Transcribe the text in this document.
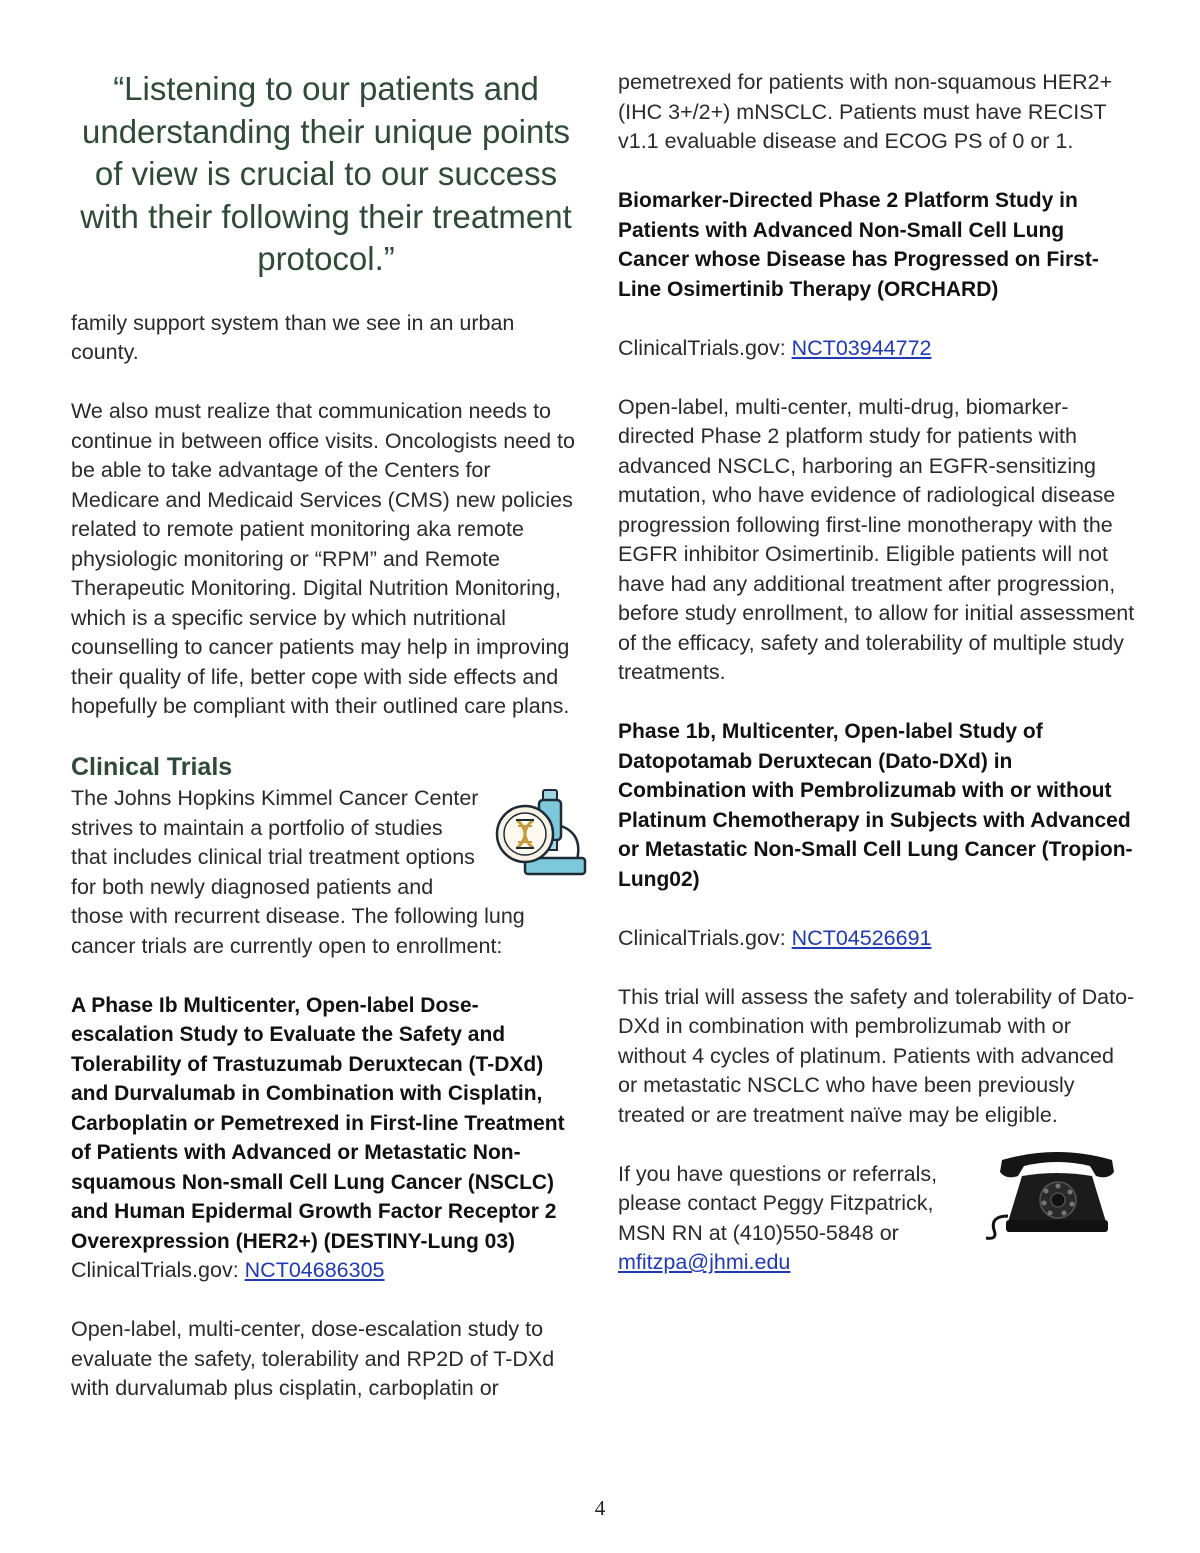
“Listening to our patients and understanding their unique points of view is crucial to our success with their following their treatment protocol.”

family support system than we see in an urban county.

We also must realize that communication needs to continue in between office visits. Oncologists need to be able to take advantage of the Centers for Medicare and Medicaid Services (CMS) new policies related to remote patient monitoring aka remote physiologic monitoring or “RPM” and Remote Therapeutic Monitoring. Digital Nutrition Monitoring, which is a specific service by which nutritional counselling to cancer patients may help in improving their quality of life, better cope with side effects and hopefully be compliant with their outlined care plans.

Clinical Trials

The Johns Hopkins Kimmel Cancer Center strives to maintain a portfolio of studies that includes clinical trial treatment options for both newly diagnosed patients and those with recurrent disease. The following lung cancer trials are currently open to enrollment:

A Phase Ib Multicenter, Open-label Dose-escalation Study to Evaluate the Safety and Tolerability of Trastuzumab Deruxtecan (T-DXd) and Durvalumab in Combination with Cisplatin, Carboplatin or Pemetrexed in First-line Treatment of Patients with Advanced or Metastatic Non-squamous Non-small Cell Lung Cancer (NSCLC) and Human Epidermal Growth Factor Receptor 2 Overexpression (HER2+) (DESTINY-Lung 03)

ClinicalTrials.gov: NCT04686305

Open-label, multi-center, dose-escalation study to evaluate the safety, tolerability and RP2D of T-DXd with durvalumab plus cisplatin, carboplatin or

pemetrexed for patients with non-squamous HER2+ (IHC 3+/2+) mNSCLC. Patients must have RECIST v1.1 evaluable disease and ECOG PS of 0 or 1.

Biomarker-Directed Phase 2 Platform Study in Patients with Advanced Non-Small Cell Lung Cancer whose Disease has Progressed on First-Line Osimertinib Therapy (ORCHARD)

ClinicalTrials.gov: NCT03944772

Open-label, multi-center, multi-drug, biomarker-directed Phase 2 platform study for patients with advanced NSCLC, harboring an EGFR-sensitizing mutation, who have evidence of radiological disease progression following first-line monotherapy with the EGFR inhibitor Osimertinib. Eligible patients will not have had any additional treatment after progression, before study enrollment, to allow for initial assessment of the efficacy, safety and tolerability of multiple study treatments.

Phase 1b, Multicenter, Open-label Study of Datopotamab Deruxtecan (Dato-DXd) in Combination with Pembrolizumab with or without Platinum Chemotherapy in Subjects with Advanced or Metastatic Non-Small Cell Lung Cancer (Tropion-Lung02)

ClinicalTrials.gov: NCT04526691

This trial will assess the safety and tolerability of Dato-DXd in combination with pembrolizumab with or without 4 cycles of platinum. Patients with advanced or metastatic NSCLC who have been previously treated or are treatment naïve may be eligible.

If you have questions or referrals,

please contact Peggy Fitzpatrick,

MSN RN at (410)550-5848 or

mfitzpa@jhmi.edu

4
